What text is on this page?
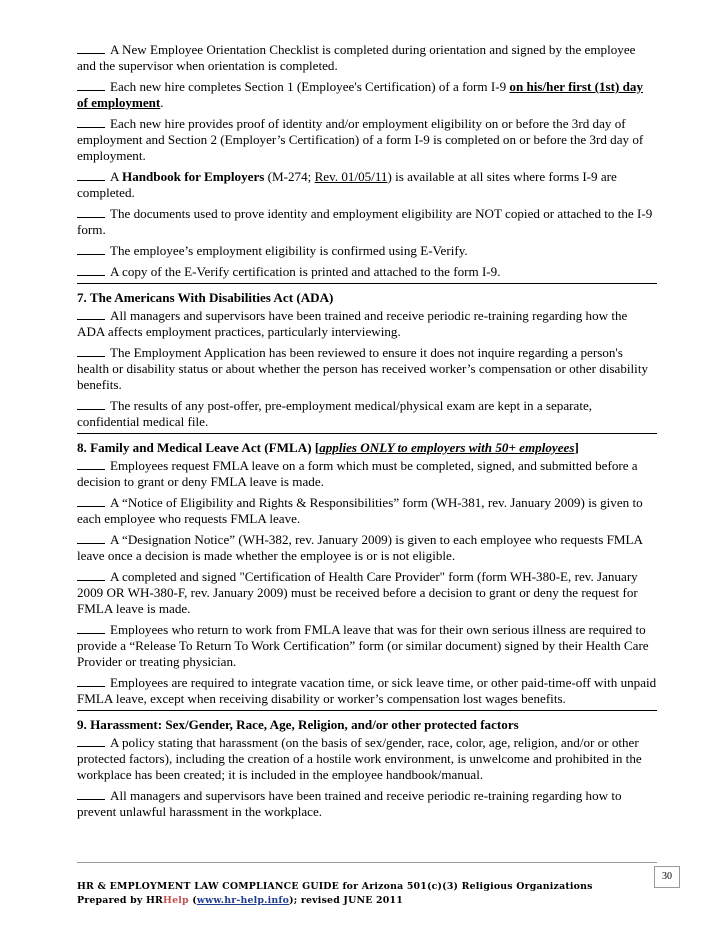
A New Employee Orientation Checklist is completed during orientation and signed by the employee and the supervisor when orientation is completed.
Each new hire completes Section 1 (Employee's Certification) of a form I-9 on his/her first (1st) day of employment.
Each new hire provides proof of identity and/or employment eligibility on or before the 3rd day of employment and Section 2 (Employer’s Certification) of a form I-9 is completed on or before the 3rd day of employment.
A Handbook for Employers (M-274; Rev. 01/05/11) is available at all sites where forms I-9 are completed.
The documents used to prove identity and employment eligibility are NOT copied or attached to the I-9 form.
The employee’s employment eligibility is confirmed using E-Verify.
A copy of the E-Verify certification is printed and attached to the form I-9.
7. The Americans With Disabilities Act (ADA)
All managers and supervisors have been trained and receive periodic re-training regarding how the ADA affects employment practices, particularly interviewing.
The Employment Application has been reviewed to ensure it does not inquire regarding a person's health or disability status or about whether the person has received worker’s compensation or other disability benefits.
The results of any post-offer, pre-employment medical/physical exam are kept in a separate, confidential medical file.
8. Family and Medical Leave Act (FMLA) [applies ONLY to employers with 50+ employees]
Employees request FMLA leave on a form which must be completed, signed, and submitted before a decision to grant or deny FMLA leave is made.
A “Notice of Eligibility and Rights & Responsibilities” form (WH-381, rev. January 2009) is given to each employee who requests FMLA leave.
A “Designation Notice” (WH-382, rev. January 2009) is given to each employee who requests FMLA leave once a decision is made whether the employee is or is not eligible.
A completed and signed "Certification of Health Care Provider" form (form WH-380-E, rev. January 2009 OR WH-380-F, rev. January 2009) must be received before a decision to grant or deny the request for FMLA leave is made.
Employees who return to work from FMLA leave that was for their own serious illness are required to provide a “Release To Return To Work Certification” form (or similar document) signed by their Health Care Provider or treating physician.
Employees are required to integrate vacation time, or sick leave time, or other paid-time-off with unpaid FMLA leave, except when receiving disability or worker’s compensation lost wages benefits.
9. Harassment: Sex/Gender, Race, Age, Religion, and/or other protected factors
A policy stating that harassment (on the basis of sex/gender, race, color, age, religion, and/or or other protected factors), including the creation of a hostile work environment, is unwelcome and prohibited in the workplace has been created; it is included in the employee handbook/manual.
All managers and supervisors have been trained and receive periodic re-training regarding how to prevent unlawful harassment in the workplace.
30
HR & EMPLOYMENT LAW COMPLIANCE GUIDE for Arizona 501(c)(3) Religious Organizations
Prepared by HRHelp (www.hr-help.info); revised JUNE 2011
